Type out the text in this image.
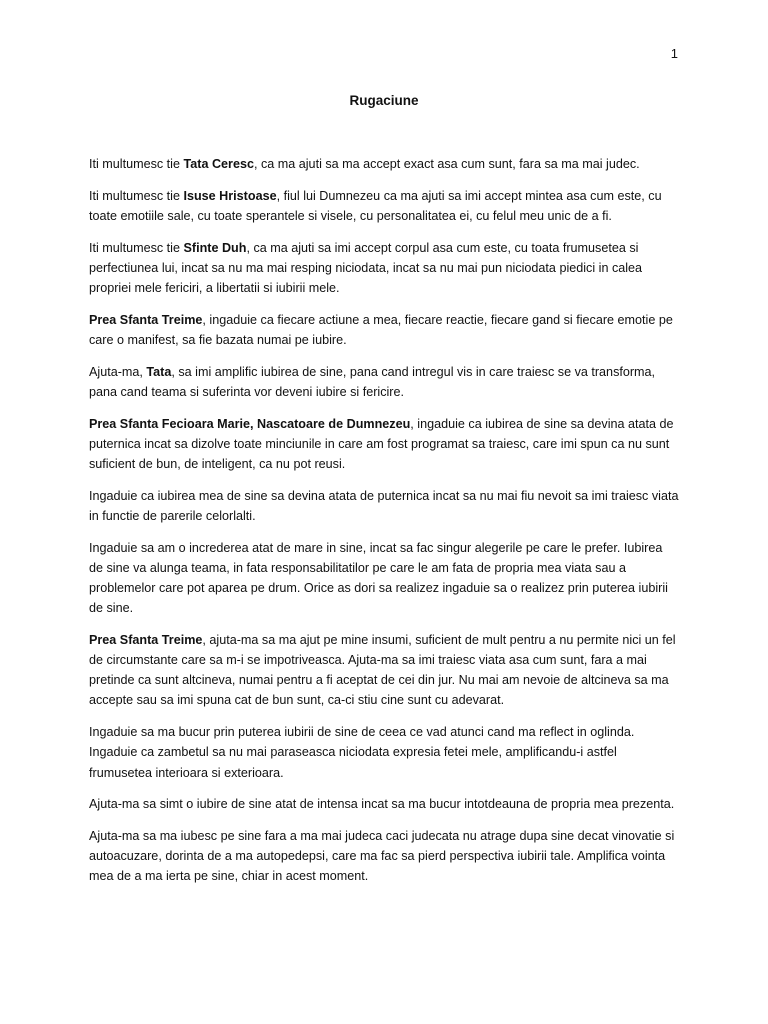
1
Rugaciune

Iti multumesc tie Tata Ceresc, ca ma ajuti sa ma accept exact asa cum sunt, fara sa ma mai judec.

Iti multumesc tie Isuse Hristoase, fiul lui Dumnezeu ca ma ajuti sa imi accept mintea asa cum este, cu toate emotiile sale, cu toate sperantele si visele, cu personalitatea ei, cu felul meu unic de a fi.

Iti multumesc tie Sfinte Duh, ca ma ajuti sa imi accept corpul asa cum este, cu toata frumusetea si perfectiunea lui, incat sa nu ma mai resping niciodata, incat sa nu mai pun niciodata piedici in calea propriei mele fericiri, a libertatii si iubirii mele.

Prea Sfanta Treime, ingaduie ca fiecare actiune a mea, fiecare reactie, fiecare gand si fiecare emotie pe care o manifest, sa fie bazata numai pe iubire.

Ajuta-ma, Tata, sa imi amplific iubirea de sine, pana cand intregul vis in care traiesc se va transforma, pana cand teama si suferinta vor deveni iubire si fericire.

Prea Sfanta Fecioara Marie, Nascatoare de Dumnezeu, ingaduie ca iubirea de sine sa devina atata de puternica incat sa dizolve toate minciunile in care am fost programat sa traiesc, care imi spun ca nu sunt suficient de bun, de inteligent, ca nu pot reusi.

Ingaduie ca iubirea mea de sine sa devina atata de puternica incat sa nu mai fiu nevoit sa imi traiesc viata in functie de parerile celorlalti.

Ingaduie sa am o increderea atat de mare in sine, incat sa fac singur alegerile pe care le prefer. Iubirea de sine va alunga teama, in fata responsabilitatilor pe care le am fata de propria mea viata sau a problemelor care pot aparea pe drum. Orice as dori sa realizez ingaduie sa o realizez prin puterea iubirii de sine.

Prea Sfanta Treime, ajuta-ma sa ma ajut pe mine insumi, suficient de mult pentru a nu permite nici un fel de circumstante care sa m-i se impotriveasca. Ajuta-ma sa imi traiesc viata asa cum sunt, fara a mai pretinde ca sunt altcineva, numai pentru a fi aceptat de cei din jur. Nu mai am nevoie de altcineva sa ma accepte sau sa imi spuna cat de bun sunt, ca-ci stiu cine sunt cu adevarat.

Ingaduie sa ma bucur prin puterea iubirii de sine de ceea ce vad atunci cand ma reflect in oglinda. Ingaduie ca zambetul sa nu mai paraseasca niciodata expresia fetei mele, amplificandu-i astfel frumusetea interioara si exterioara.

Ajuta-ma sa simt o iubire de sine atat de intensa incat sa ma bucur intotdeauna de propria mea prezenta.

Ajuta-ma sa ma iubesc pe sine fara a ma mai judeca caci judecata nu atrage dupa sine decat vinovatie si autoacuzare, dorinta de a ma autopedepsi, care ma fac sa pierd perspectiva iubirii tale. Amplifica vointa mea de a ma ierta pe sine, chiar in acest moment.
